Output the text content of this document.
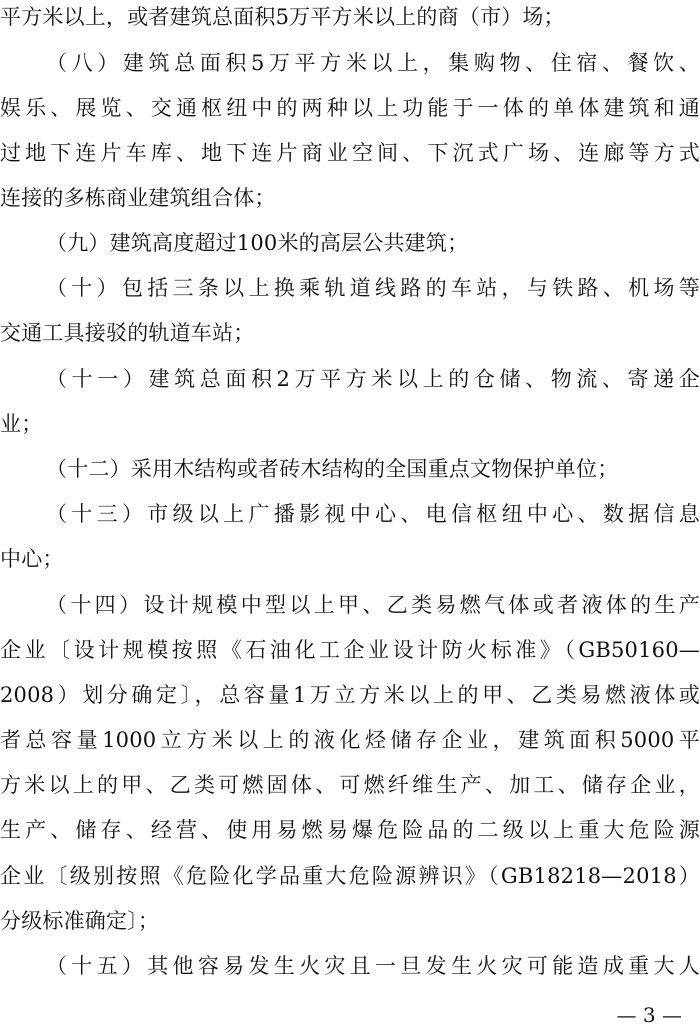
平方米以上，或者建筑总面积5万平方米以上的商（市）场；
（八）建筑总面积5万平方米以上，集购物、住宿、餐饮、
娱乐、展览、交通枢纽中的两种以上功能于一体的单体建筑和通
过地下连片车库、地下连片商业空间、下沉式广场、连廊等方式
连接的多栋商业建筑组合体；
（九）建筑高度超过100米的高层公共建筑；
（十）包括三条以上换乘轨道线路的车站，与铁路、机场等
交通工具接驳的轨道车站；
（十一）建筑总面积2万平方米以上的仓储、物流、寄递企
业；
（十二）采用木结构或者砖木结构的全国重点文物保护单位；
（十三）市级以上广播影视中心、电信枢纽中心、数据信息
中心；
（十四）设计规模中型以上甲、乙类易燃气体或者液体的生产
企业〔设计规模按照《石油化工企业设计防火标准》（GB50160—
2008）划分确定〕，总容量1万立方米以上的甲、乙类易燃液体或
者总容量1000立方米以上的液化烃储存企业，建筑面积5000平
方米以上的甲、乙类可燃固体、可燃纤维生产、加工、储存企业，
生产、储存、经营、使用易燃易爆危险品的二级以上重大危险源
企业〔级别按照《危险化学品重大危险源辨识》（GB18218—2018）
分级标准确定〕；
（十五）其他容易发生火灾且一旦发生火灾可能造成重大人
— 3 —
